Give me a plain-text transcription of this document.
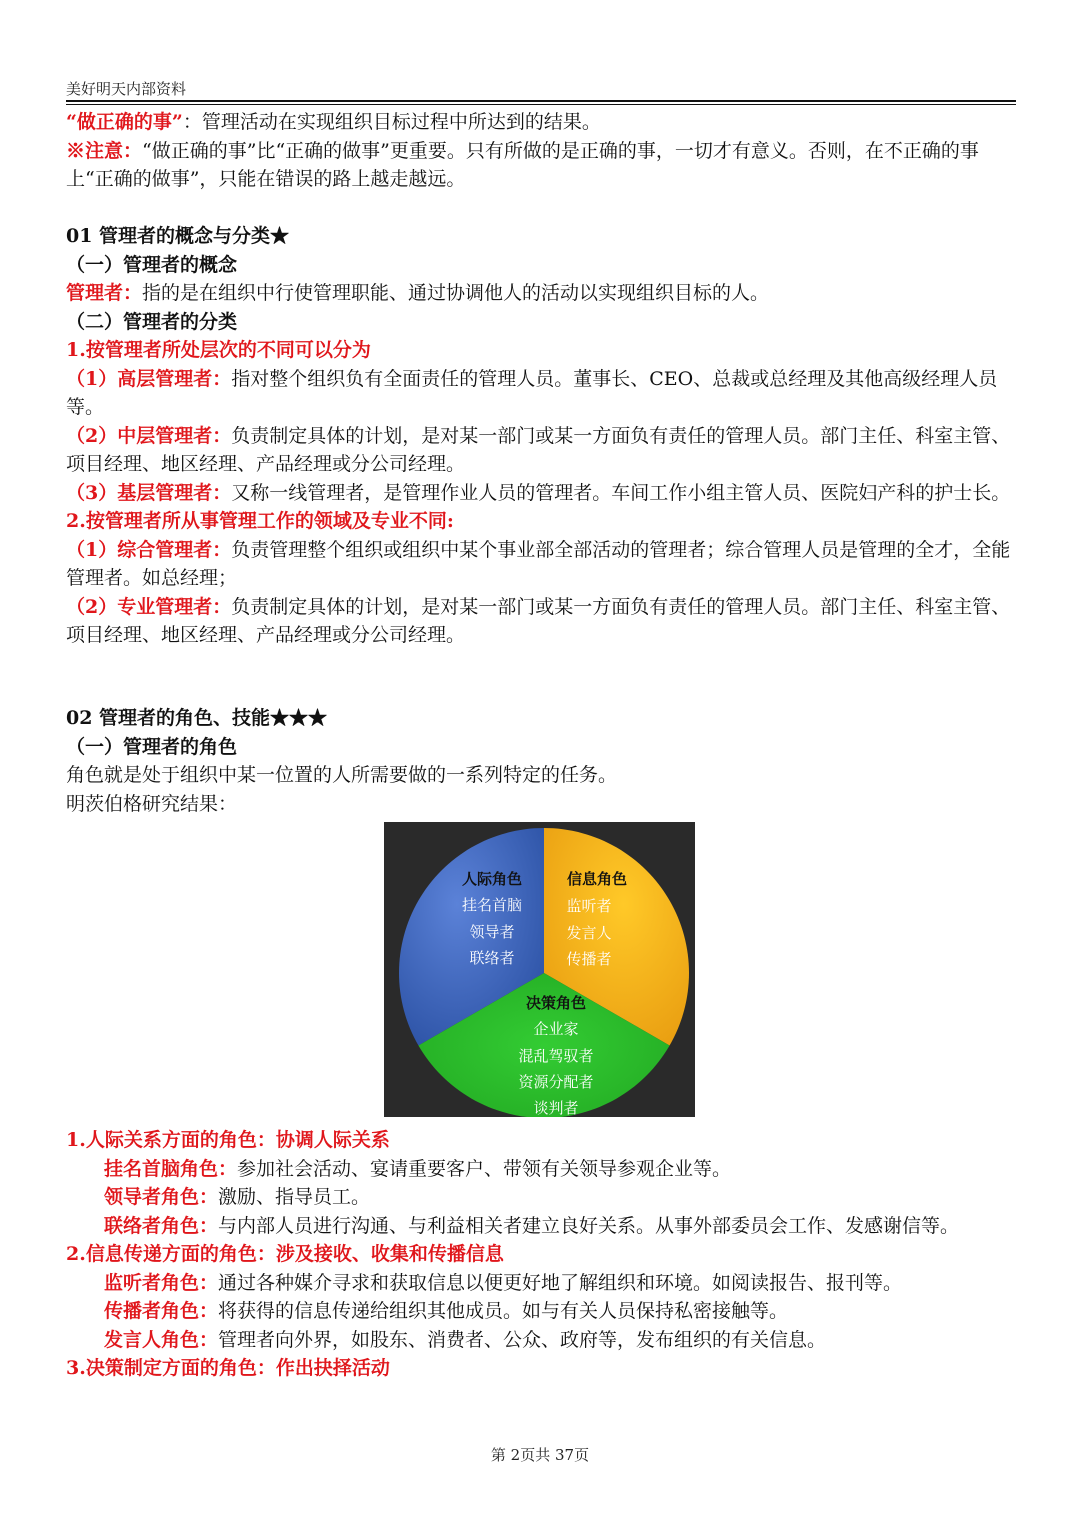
美好明天内部资料

“做正确的事”：管理活动在实现组织目标过程中所达到的结果。

※注意：“做正确的事”比“正确的做事”更重要。只有所做的是正确的事，一切才有意义。否则，在不正确的事上“正确的做事”，只能在错误的路上越走越远。

01 管理者的概念与分类★

（一）管理者的概念

管理者：指的是在组织中行使管理职能、通过协调他人的活动以实现组织目标的人。

（二）管理者的分类

1.按管理者所处层次的不同可以分为

（1）高层管理者：指对整个组织负有全面责任的管理人员。董事长、CEO、总裁或总经理及其他高级经理人员等。

（2）中层管理者：负责制定具体的计划，是对某一部门或某一方面负有责任的管理人员。部门主任、科室主管、项目经理、地区经理、产品经理或分公司经理。

（3）基层管理者：又称一线管理者，是管理作业人员的管理者。车间工作小组主管人员、医院妇产科的护士长。

2.按管理者所从事管理工作的领域及专业不同:

（1）综合管理者：负责管理整个组织或组织中某个事业部全部活动的管理者；综合管理人员是管理的全才，全能管理者。如总经理；

（2）专业管理者：负责制定具体的计划，是对某一部门或某一方面负有责任的管理人员。部门主任、科室主管、项目经理、地区经理、产品经理或分公司经理。

02 管理者的角色、技能★★★

（一）管理者的角色

角色就是处于组织中某一位置的人所需要做的一系列特定的任务。

明茨伯格研究结果：

人际角色
挂名首脑
领导者
联络者
信息角色
监听者
发言人
传播者
决策角色
企业家
混乱驾驭者
资源分配者
谈判者

1.人际关系方面的角色：协调人际关系

挂名首脑角色：参加社会活动、宴请重要客户、带领有关领导参观企业等。

领导者角色：激励、指导员工。

联络者角色：与内部人员进行沟通、与利益相关者建立良好关系。从事外部委员会工作、发感谢信等。

2.信息传递方面的角色：涉及接收、收集和传播信息

监听者角色：通过各种媒介寻求和获取信息以便更好地了解组织和环境。如阅读报告、报刊等。

传播者角色：将获得的信息传递给组织其他成员。如与有关人员保持私密接触等。

发言人角色：管理者向外界，如股东、消费者、公众、政府等，发布组织的有关信息。

3.决策制定方面的角色：作出抉择活动

第 2页共 37页
